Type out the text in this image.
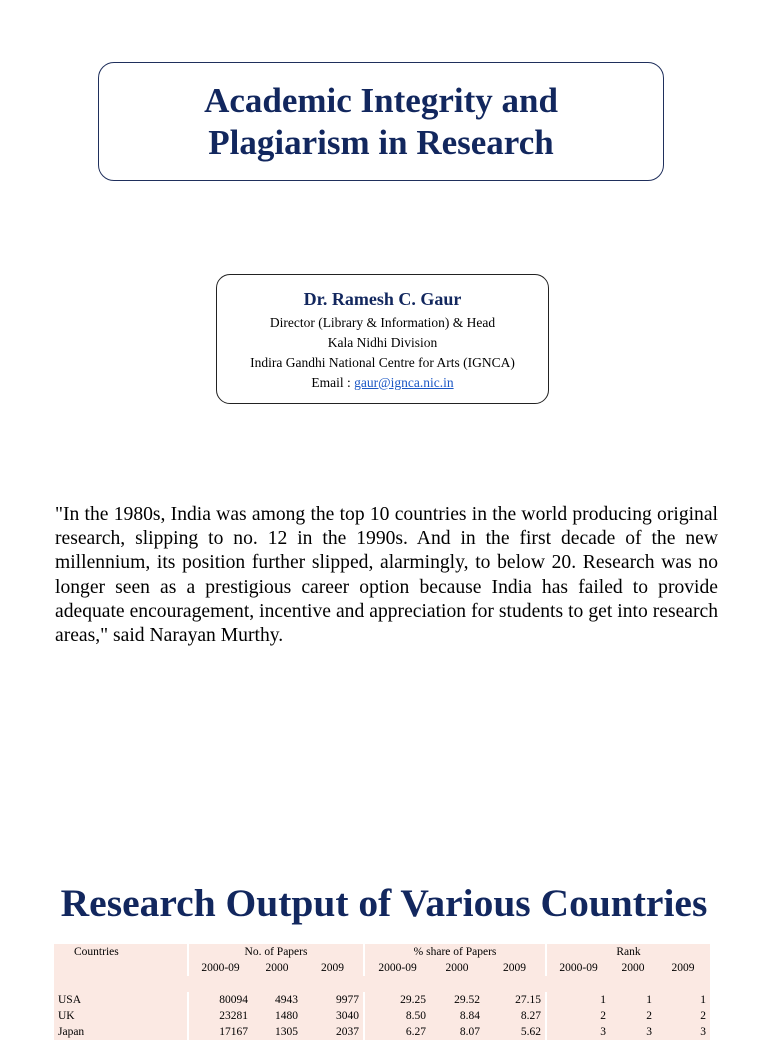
Academic Integrity and
Plagiarism in Research
Dr. Ramesh C. Gaur
Director (Library & Information) & Head
Kala Nidhi Division
Indira Gandhi National Centre for Arts (IGNCA)
Email : gaur@ignca.nic.in

"In the 1980s, India was among the top 10 countries in the world producing original research, slipping to no. 12 in the 1990s. And in the first decade of the new millennium, its position further slipped, alarmingly, to below 20. Research was no longer seen as a prestigious career option because India has failed to provide adequate encouragement, incentive and appreciation for students to get into research areas," said Narayan Murthy.

Research Output of Various Countries
Countries	No. of Papers			% share of Papers			Rank		
	2000-09	2000	2009	2000-09	2000	2009	2000-09	2000	2009

USA	80094	4943	9977	29.25	29.52	27.15	1	1	1
UK	23281	1480	3040	8.50	8.84	8.27	2	2	2
Japan	17167	1305	2037	6.27	8.07	5.62	3	3	3
